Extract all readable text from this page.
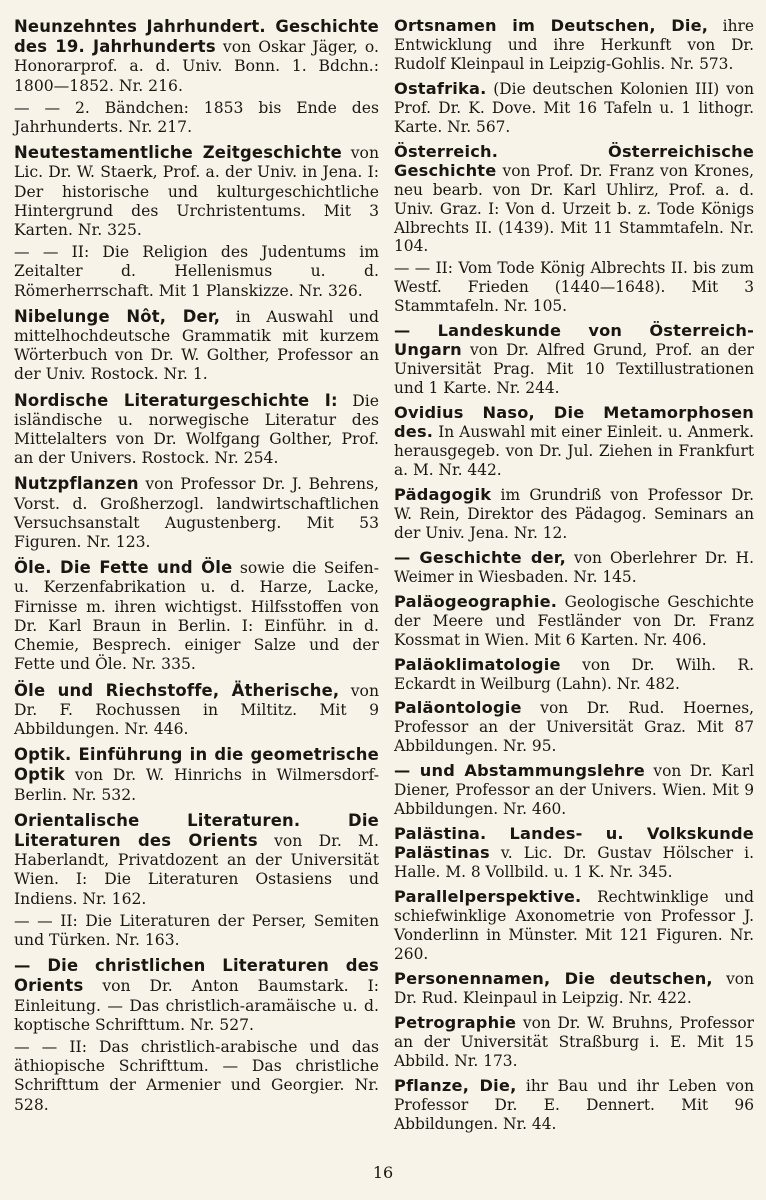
Neunzehntes Jahrhundert. Geschichte des 19. Jahrhunderts von Oskar Jäger, o. Honorarprof. a. d. Univ. Bonn. 1. Bdchn.: 1800—1852. Nr. 216.
— — 2. Bändchen: 1853 bis Ende des Jahrhunderts. Nr. 217.
Neutestamentliche Zeitgeschichte von Lic. Dr. W. Staerk, Prof. a. der Univ. in Jena. I: Der historische und kulturgeschichtliche Hintergrund des Urchristentums. Mit 3 Karten. Nr. 325.
— — II: Die Religion des Judentums im Zeitalter d. Hellenismus u. d. Römerherrschaft. Mit 1 Planskizze. Nr. 326.
Nibelunge Nôt, Der, in Auswahl und mittelhochdeutsche Grammatik mit kurzem Wörterbuch von Dr. W. Golther, Professor an der Univ. Rostock. Nr. 1.
Nordische Literaturgeschichte I: Die isländische u. norwegische Literatur des Mittelalters von Dr. Wolfgang Golther, Prof. an der Univers. Rostock. Nr. 254.
Nutzpflanzen von Professor Dr. J. Behrens, Vorst. d. Großherzogl. landwirtschaftlichen Versuchsanstalt Augustenberg. Mit 53 Figuren. Nr. 123.
Öle. Die Fette und Öle sowie die Seifen- u. Kerzenfabrikation u. d. Harze, Lacke, Firnisse m. ihren wichtigst. Hilfsstoffen von Dr. Karl Braun in Berlin. I: Einführ. in d. Chemie, Besprech. einiger Salze und der Fette und Öle. Nr. 335.
Öle und Riechstoffe, Ätherische, von Dr. F. Rochussen in Miltitz. Mit 9 Abbildungen. Nr. 446.
Optik. Einführung in die geometrische Optik von Dr. W. Hinrichs in Wilmersdorf-Berlin. Nr. 532.
Orientalische Literaturen. Die Literaturen des Orients von Dr. M. Haberlandt, Privatdozent an der Universität Wien. I: Die Literaturen Ostasiens und Indiens. Nr. 162.
— — II: Die Literaturen der Perser, Semiten und Türken. Nr. 163.
— Die christlichen Literaturen des Orients von Dr. Anton Baumstark. I: Einleitung. — Das christlich-aramäische u. d. koptische Schrifttum. Nr. 527.
— — II: Das christlich-arabische und das äthiopische Schrifttum. — Das christliche Schrifttum der Armenier und Georgier. Nr. 528.
Ortsnamen im Deutschen, Die, ihre Entwicklung und ihre Herkunft von Dr. Rudolf Kleinpaul in Leipzig-Gohlis. Nr. 573.
Ostafrika. (Die deutschen Kolonien III) von Prof. Dr. K. Dove. Mit 16 Tafeln u. 1 lithogr. Karte. Nr. 567.
Österreich. Österreichische Geschichte von Prof. Dr. Franz von Krones, neu bearb. von Dr. Karl Uhlirz, Prof. a. d. Univ. Graz. I: Von d. Urzeit b. z. Tode Königs Albrechts II. (1439). Mit 11 Stammtafeln. Nr. 104.
— — II: Vom Tode König Albrechts II. bis zum Westf. Frieden (1440—1648). Mit 3 Stammtafeln. Nr. 105.
— Landeskunde von Österreich-Ungarn von Dr. Alfred Grund, Prof. an der Universität Prag. Mit 10 Textillustrationen und 1 Karte. Nr. 244.
Ovidius Naso, Die Metamorphosen des. In Auswahl mit einer Einleit. u. Anmerk. herausgegeb. von Dr. Jul. Ziehen in Frankfurt a. M. Nr. 442.
Pädagogik im Grundriß von Professor Dr. W. Rein, Direktor des Pädagog. Seminars an der Univ. Jena. Nr. 12.
— Geschichte der, von Oberlehrer Dr. H. Weimer in Wiesbaden. Nr. 145.
Paläogeographie. Geologische Geschichte der Meere und Festländer von Dr. Franz Kossmat in Wien. Mit 6 Karten. Nr. 406.
Paläoklimatologie von Dr. Wilh. R. Eckardt in Weilburg (Lahn). Nr. 482.
Paläontologie von Dr. Rud. Hoernes, Professor an der Universität Graz. Mit 87 Abbildungen. Nr. 95.
— und Abstammungslehre von Dr. Karl Diener, Professor an der Univers. Wien. Mit 9 Abbildungen. Nr. 460.
Palästina. Landes- u. Volkskunde Palästinas v. Lic. Dr. Gustav Hölscher i. Halle. M. 8 Vollbild. u. 1 K. Nr. 345.
Parallelperspektive. Rechtwinklige und schiefwinklige Axonometrie von Professor J. Vonderlinn in Münster. Mit 121 Figuren. Nr. 260.
Personennamen, Die deutschen, von Dr. Rud. Kleinpaul in Leipzig. Nr. 422.
Petrographie von Dr. W. Bruhns, Professor an der Universität Straßburg i. E. Mit 15 Abbild. Nr. 173.
Pflanze, Die, ihr Bau und ihr Leben von Professor Dr. E. Dennert. Mit 96 Abbildungen. Nr. 44.
16
